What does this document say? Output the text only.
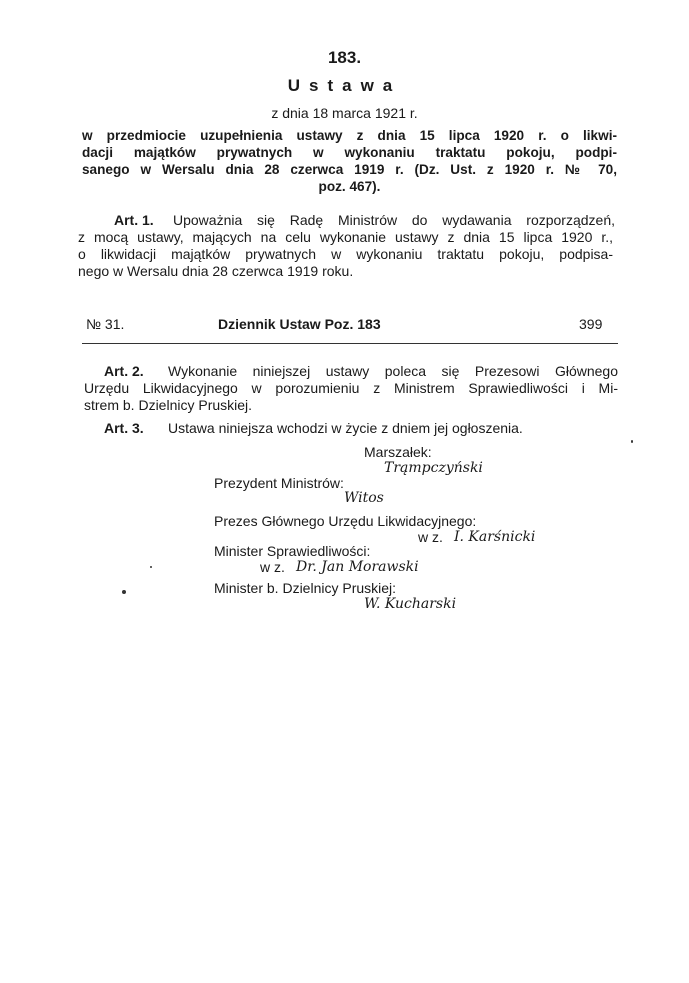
183.
Ustawa
z dnia 18 marca 1921 r.
w przedmiocie uzupełnienia ustawy z dnia 15 lipca 1920 r. o likwi-
dacji majątków prywatnych w wykonaniu traktatu pokoju, podpi-
sanego w Wersalu dnia 28 czerwca 1919 r. (Dz. Ust. z 1920 r. № 70,
poz. 467).
Art. 1. Upoważnia się Radę Ministrów do wydawania rozporządzeń,
z mocą ustawy, mających na celu wykonanie ustawy z dnia 15 lipca 1920 r.,
o likwidacji majątków prywatnych w wykonaniu traktatu pokoju, podpisa-
nego w Wersalu dnia 28 czerwca 1919 roku.
№ 31.	Dziennik Ustaw Poz. 183	399
Art. 2. Wykonanie niniejszej ustawy poleca się Prezesowi Głównego
Urzędu Likwidacyjnego w porozumieniu z Ministrem Sprawiedliwości i Mi-
strem b. Dzielnicy Pruskiej.
Art. 3. Ustawa niniejsza wchodzi w życie z dniem jej ogłoszenia.
Marszałek:
Trąmpczyński
Prezydent Ministrów:
Witos
Prezes Głównego Urzędu Likwidacyjnego:
w z. I. Karśnicki
Minister Sprawiedliwości:
w z. Dr. Jan Morawski
Minister b. Dzielnicy Pruskiej:
W. Kucharski
